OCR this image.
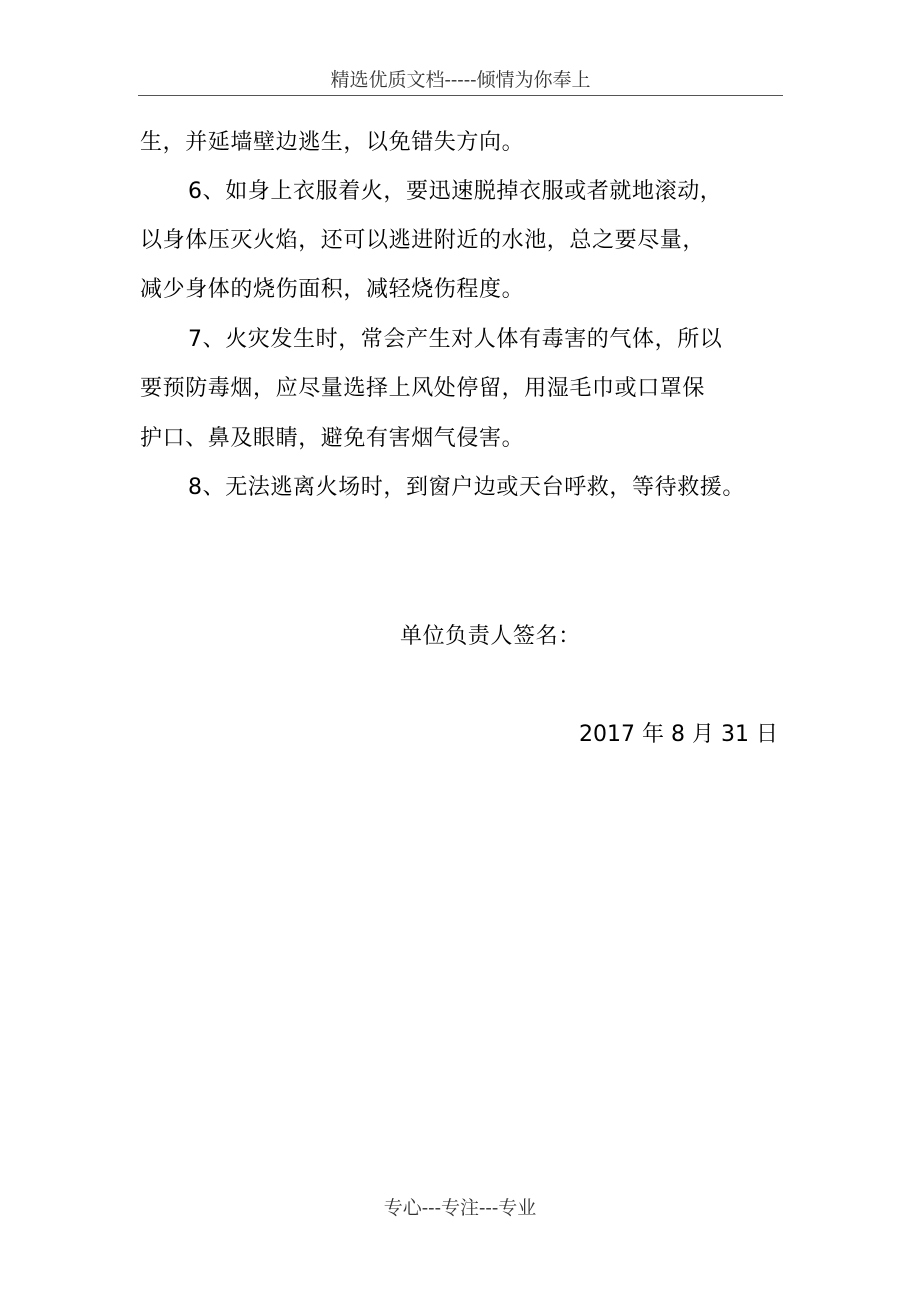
精选优质文档-----倾情为你奉上
生，并延墙壁边逃生，以免错失方向。
6、如身上衣服着火，要迅速脱掉衣服或者就地滚动，
以身体压灭火焰，还可以逃进附近的水池，总之要尽量，
减少身体的烧伤面积，减轻烧伤程度。
7、火灾发生时，常会产生对人体有毒害的气体，所以
要预防毒烟，应尽量选择上风处停留，用湿毛巾或口罩保
护口、鼻及眼睛，避免有害烟气侵害。
8、无法逃离火场时，到窗户边或天台呼救，等待救援。
单位负责人签名：
2017 年 8 月 31 日
专心---专注---专业
